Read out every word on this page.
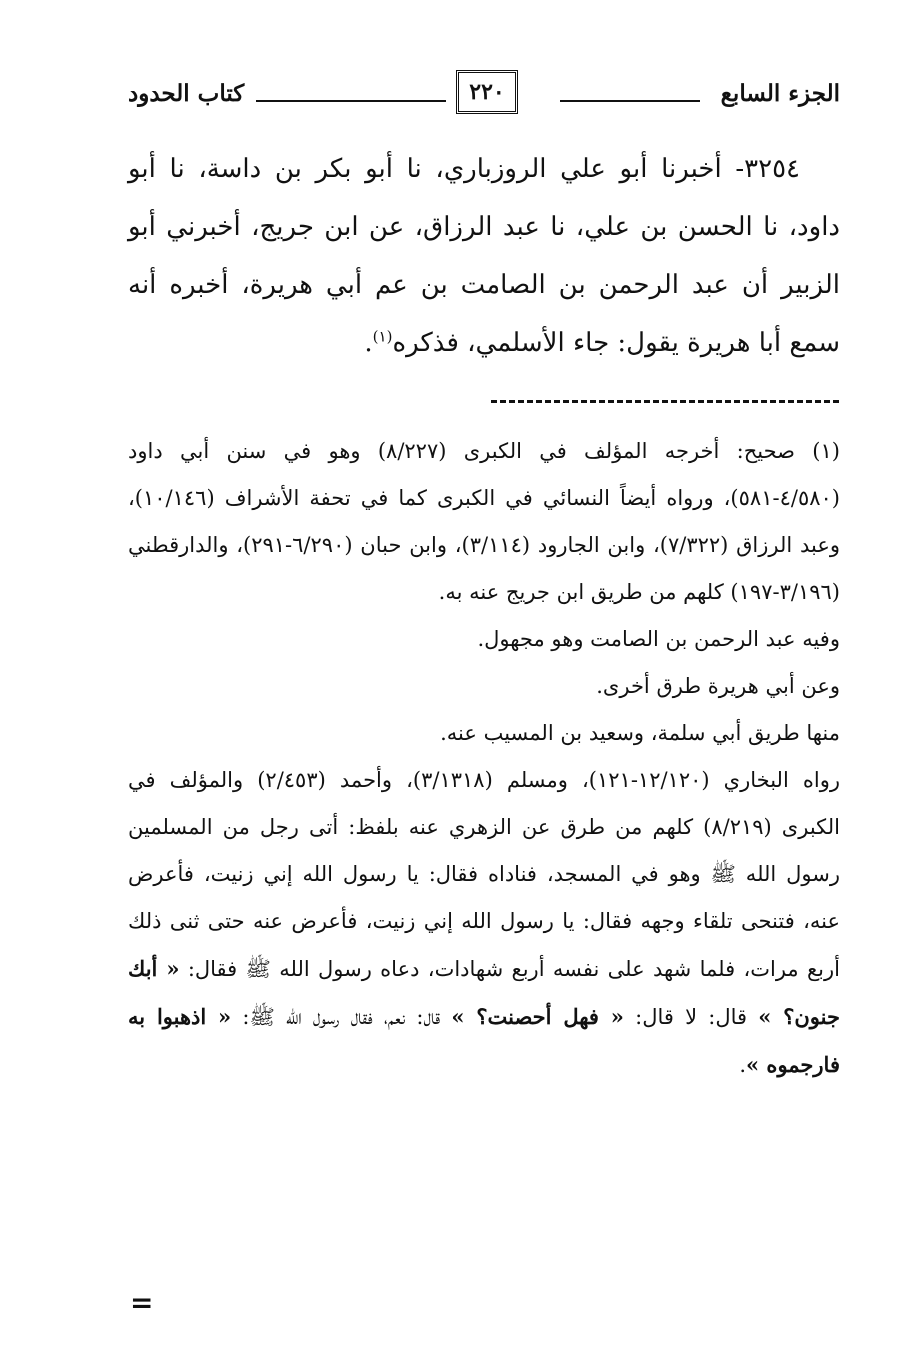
الجزء السابع
٢٢٠
كتاب الحدود

٣٢٥٤- أخبرنا أبو علي الروزباري، نا أبو بكر بن داسة، نا أبو داود، نا الحسن بن علي، نا عبد الرزاق، عن ابن جريج، أخبرني أبو الزبير أن عبد الرحمن بن الصامت بن عم أبي هريرة، أخبره أنه سمع أبا هريرة يقول: جاء الأسلمي، فذكره$^{(١)}$.

(١) صحيح: أخرجه المؤلف في الكبرى (٨/٢٢٧) وهو في سنن أبي داود (٤/٥٨٠-٥٨١)، ورواه أيضاً النسائي في الكبرى كما في تحفة الأشراف (١٠/١٤٦)، وعبد الرزاق (٧/٣٢٢)، وابن الجارود (٣/١١٤)، وابن حبان (٦/٢٩٠-٢٩١)، والدارقطني (٣/١٩٦-١٩٧) كلهم من طريق ابن جريج عنه به.

وفيه عبد الرحمن بن الصامت وهو مجهول.

وعن أبي هريرة طرق أخرى.

منها طريق أبي سلمة، وسعيد بن المسيب عنه.

رواه البخاري (١٢/١٢٠-١٢١)، ومسلم (٣/١٣١٨)، وأحمد (٢/٤٥٣) والمؤلف في الكبرى (٨/٢١٩) كلهم من طرق عن الزهري عنه بلفظ: أتى رجل من المسلمين رسول الله ﷺ وهو في المسجد، فناداه فقال: يا رسول الله إني زنيت، فأعرض عنه، فتنحى تلقاء وجهه فقال: يا رسول الله إني زنيت، فأعرض عنه حتى ثنى ذلك أربع مرات، فلما شهد على نفسه أربع شهادات، دعاه رسول الله ﷺ فقال: « أبك جنون؟ » قال: لا قال: « فهل أحصنت؟ » قال: نعم، فقال رسول الله ﷺ: « اذهبوا به فارجموه ».

=
